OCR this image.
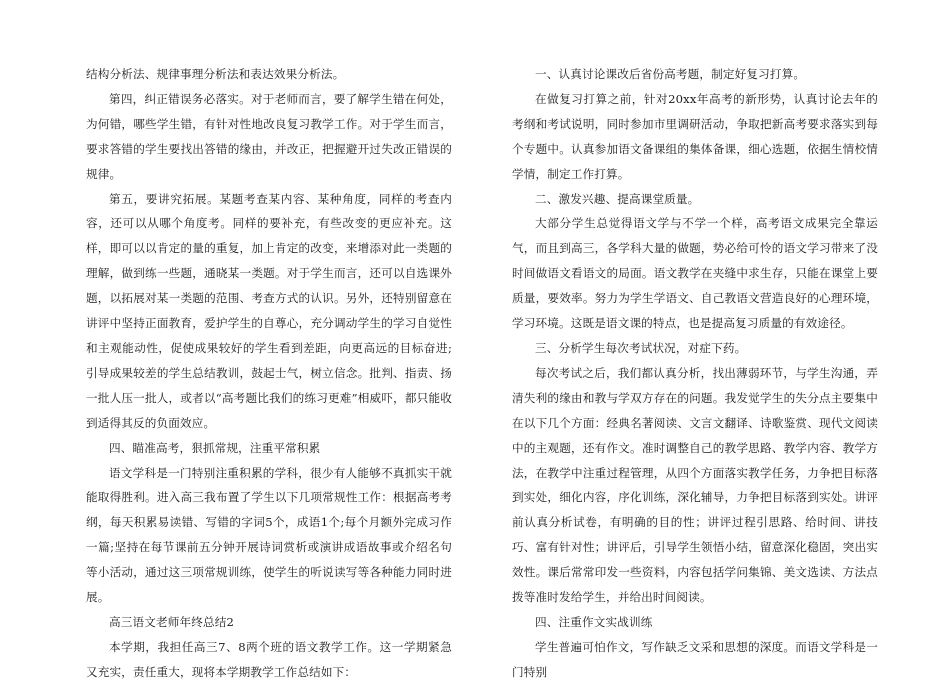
结构分析法、规律事理分析法和表达效果分析法。

第四，纠正错误务必落实。对于老师而言，要了解学生错在何处，为何错，哪些学生错，有针对性地改良复习教学工作。对于学生而言，要求答错的学生要找出答错的缘由，并改正，把握避开过失改正错误的规律。

第五，要讲究拓展。某题考查某内容、某种角度，同样的考查内容，还可以从哪个角度考。同样的要补充，有些改变的更应补充。这样，即可以以肯定的量的重复，加上肯定的改变，来增添对此一类题的理解，做到练一些题，通晓某一类题。对于学生而言，还可以自选课外题，以拓展对某一类题的范围、考查方式的认识。另外，还特别留意在讲评中坚持正面教育，爱护学生的自尊心，充分调动学生的学习自觉性和主观能动性，促使成果较好的学生看到差距，向更高远的目标奋进;引导成果较差的学生总结教训，鼓起士气，树立信念。批判、指责、扬一批人压一批人，或者以“高考题比我们的练习更难”相威吓，都只能收到适得其反的负面效应。

四、瞄准高考，狠抓常规，注重平常积累

语文学科是一门特别注重积累的学科，很少有人能够不真抓实干就能取得胜利。进入高三我布置了学生以下几项常规性工作：根据高考考纲，每天积累易读错、写错的字词5个，成语1个;每个月额外完成习作一篇;坚持在每节课前五分钟开展诗词赏析或演讲成语故事或介绍名句等小活动，通过这三项常规训练，使学生的听说读写等各种能力同时进展。

高三语文老师年终总结2

本学期，我担任高三7、8两个班的语文教学工作。这一学期紧急又充实，责任重大，现将本学期教学工作总结如下：

一、认真讨论课改后省份高考题，制定好复习打算。

在做复习打算之前，针对20xx年高考的新形势，认真讨论去年的考纲和考试说明，同时参加市里调研活动，争取把新高考要求落实到每个专题中。认真参加语文备课组的集体备课，细心选题，依据生情校情学情，制定工作打算。

二、激发兴趣、提高课堂质量。

大部分学生总觉得语文学与不学一个样，高考语文成果完全靠运气，而且到高三，各学科大量的做题，势必给可怜的语文学习带来了没时间做语文看语文的局面。语文教学在夹缝中求生存，只能在课堂上要质量，要效率。努力为学生学语文、自己教语文营造良好的心理环境，学习环境。这既是语文课的特点，也是提高复习质量的有效途径。

三、分析学生每次考试状况，对症下药。

每次考试之后，我们都认真分析，找出薄弱环节，与学生沟通，弄清失利的缘由和教与学双方存在的问题。我发觉学生的失分点主要集中在以下几个方面：经典名著阅读、文言文翻译、诗歌鉴赏、现代文阅读中的主观题，还有作文。准时调整自己的教学思路、教学内容、教学方法，在教学中注重过程管理，从四个方面落实教学任务，力争把目标落到实处，细化内容，序化训练，深化辅导，力争把目标落到实处。讲评前认真分析试卷，有明确的目的性；讲评过程引思路、给时间、讲技巧、富有针对性；讲评后，引导学生领悟小结，留意深化稳固，突出实效性。课后常常印发一些资料，内容包括学问集锦、美文选读、方法点拨等准时发给学生，并给出时间阅读。

四、注重作文实战训练

学生普遍可怕作文，写作缺乏文采和思想的深度。而语文学科是一门特别
